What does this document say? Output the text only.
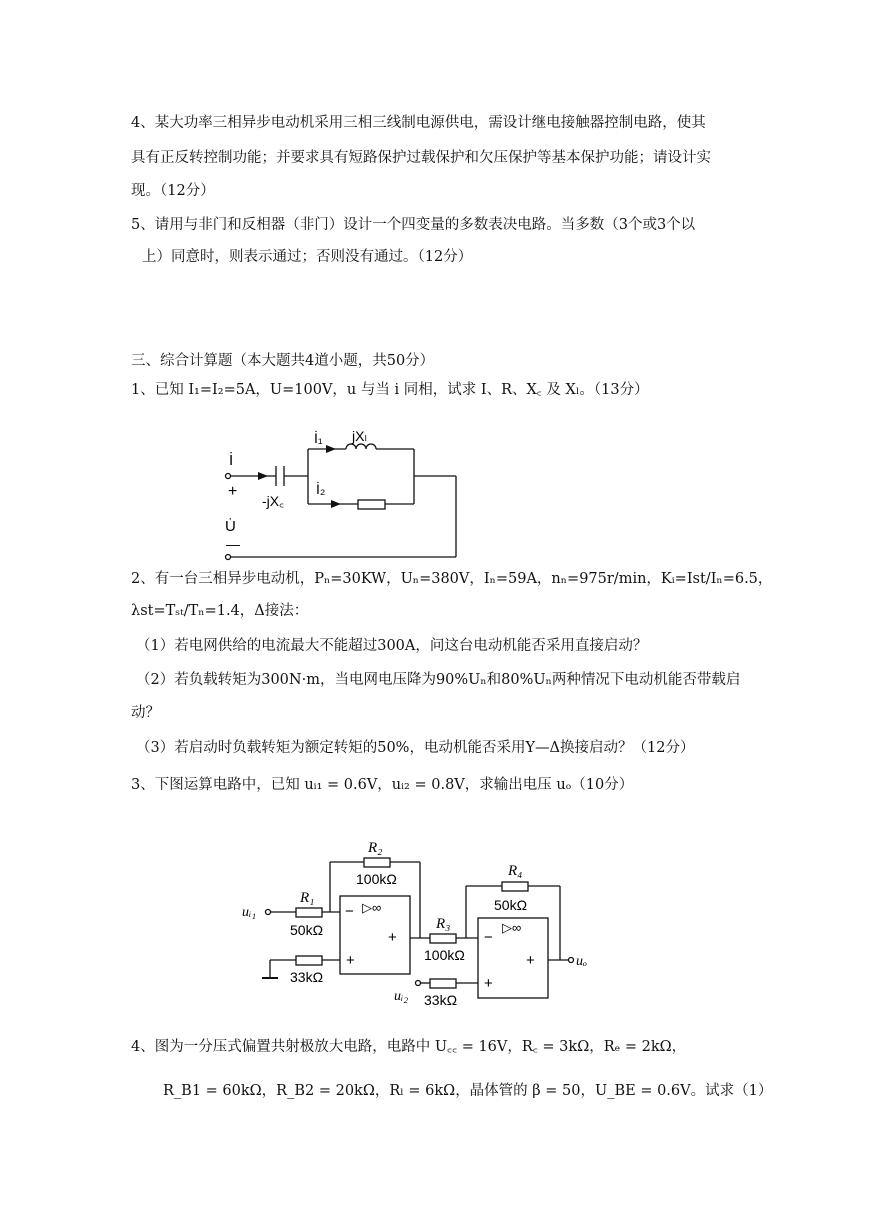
4、某大功率三相异步电动机采用三相三线制电源供电，需设计继电接触器控制电路，使其
具有正反转控制功能；并要求具有短路保护过载保护和欠压保护等基本保护功能；请设计实
现。（12分）
5、请用与非门和反相器（非门）设计一个四变量的多数表决电路。当多数（3个或3个以
上）同意时，则表示通过；否则没有通过。（12分）
三、综合计算题（本大题共4道小题，共50分）
1、已知 I₁=I₂=5A，U=100V，u 与当 i 同相，试求 I、R、X꜀ 及 Xₗ。（13分）
İ
İ₁
İ₂
jXₗ
-jX꜀
+
U̇
—
2、有一台三相异步电动机，Pₙ=30KW，Uₙ=380V，Iₙ=59A，nₙ=975r/min，Kᵢ=Ist/Iₙ=6.5，
λst=Tₛₜ/Tₙ=1.4，Δ接法：
（1）若电网供给的电流最大不能超过300A，问这台电动机能否采用直接启动？
（2）若负载转矩为300N·m，当电网电压降为90%Uₙ和80%Uₙ两种情况下电动机能否带载启
动？
（3）若启动时负载转矩为额定转矩的50%，电动机能否采用Y—Δ换接启动？（12分）
3、下图运算电路中，已知 uᵢ₁ = 0.6V，uᵢ₂ = 0.8V，求输出电压 uₒ（10分）
▷∞
−
+
+
▷∞
−
+
+
R₁
50kΩ
R₂
100kΩ
R₃
100kΩ
R₄
50kΩ
33kΩ
33kΩ
uᵢ₁
uᵢ₂
uₒ
4、图为一分压式偏置共射极放大电路，电路中 U꜀꜀ = 16V，R꜀ = 3kΩ，Rₑ = 2kΩ，
R_B1 = 60kΩ，R_B2 = 20kΩ，Rₗ = 6kΩ，晶体管的 β = 50，U_BE = 0.6V。试求（1）
